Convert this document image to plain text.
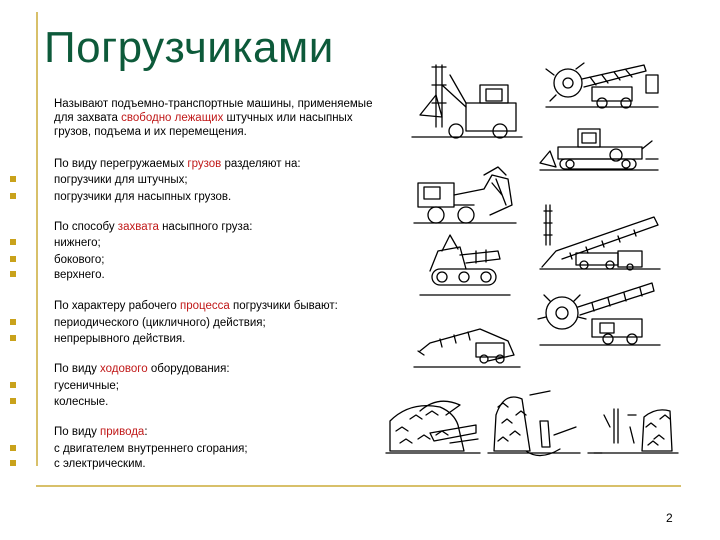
Погрузчиками
Называют подъемно-транспортные машины, применяемые для захвата свободно лежащих штучных или насыпных грузов, подъема и их перемещения.
По виду перегружаемых грузов разделяют на:
погрузчики для штучных;
погрузчики для насыпных грузов.
По способу захвата насыпного груза:
нижнего;
бокового;
верхнего.
По характеру рабочего процесса погрузчики бывают:
периодического (цикличного) действия;
непрерывного действия.
По виду ходового оборудования:
гусеничные;
колесные.
По виду привода:
с двигателем внутреннего сгорания;
с электрическим.
2
